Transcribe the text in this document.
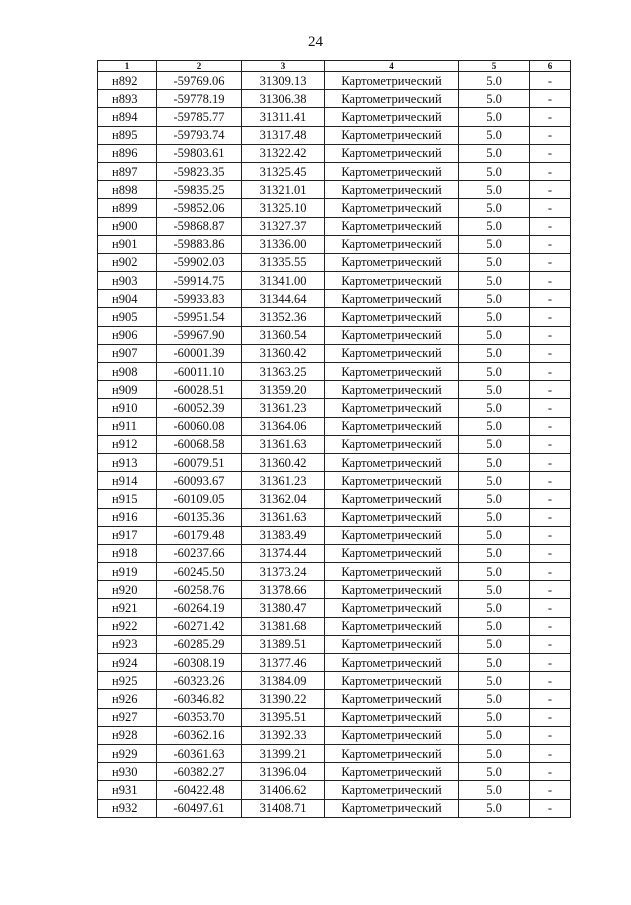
24
1	2	3	4	5	6
н892	-59769.06	31309.13	Картометрический	5.0	-
н893	-59778.19	31306.38	Картометрический	5.0	-
н894	-59785.77	31311.41	Картометрический	5.0	-
н895	-59793.74	31317.48	Картометрический	5.0	-
н896	-59803.61	31322.42	Картометрический	5.0	-
н897	-59823.35	31325.45	Картометрический	5.0	-
н898	-59835.25	31321.01	Картометрический	5.0	-
н899	-59852.06	31325.10	Картометрический	5.0	-
н900	-59868.87	31327.37	Картометрический	5.0	-
н901	-59883.86	31336.00	Картометрический	5.0	-
н902	-59902.03	31335.55	Картометрический	5.0	-
н903	-59914.75	31341.00	Картометрический	5.0	-
н904	-59933.83	31344.64	Картометрический	5.0	-
н905	-59951.54	31352.36	Картометрический	5.0	-
н906	-59967.90	31360.54	Картометрический	5.0	-
н907	-60001.39	31360.42	Картометрический	5.0	-
н908	-60011.10	31363.25	Картометрический	5.0	-
н909	-60028.51	31359.20	Картометрический	5.0	-
н910	-60052.39	31361.23	Картометрический	5.0	-
н911	-60060.08	31364.06	Картометрический	5.0	-
н912	-60068.58	31361.63	Картометрический	5.0	-
н913	-60079.51	31360.42	Картометрический	5.0	-
н914	-60093.67	31361.23	Картометрический	5.0	-
н915	-60109.05	31362.04	Картометрический	5.0	-
н916	-60135.36	31361.63	Картометрический	5.0	-
н917	-60179.48	31383.49	Картометрический	5.0	-
н918	-60237.66	31374.44	Картометрический	5.0	-
н919	-60245.50	31373.24	Картометрический	5.0	-
н920	-60258.76	31378.66	Картометрический	5.0	-
н921	-60264.19	31380.47	Картометрический	5.0	-
н922	-60271.42	31381.68	Картометрический	5.0	-
н923	-60285.29	31389.51	Картометрический	5.0	-
н924	-60308.19	31377.46	Картометрический	5.0	-
н925	-60323.26	31384.09	Картометрический	5.0	-
н926	-60346.82	31390.22	Картометрический	5.0	-
н927	-60353.70	31395.51	Картометрический	5.0	-
н928	-60362.16	31392.33	Картометрический	5.0	-
н929	-60361.63	31399.21	Картометрический	5.0	-
н930	-60382.27	31396.04	Картометрический	5.0	-
н931	-60422.48	31406.62	Картометрический	5.0	-
н932	-60497.61	31408.71	Картометрический	5.0	-
